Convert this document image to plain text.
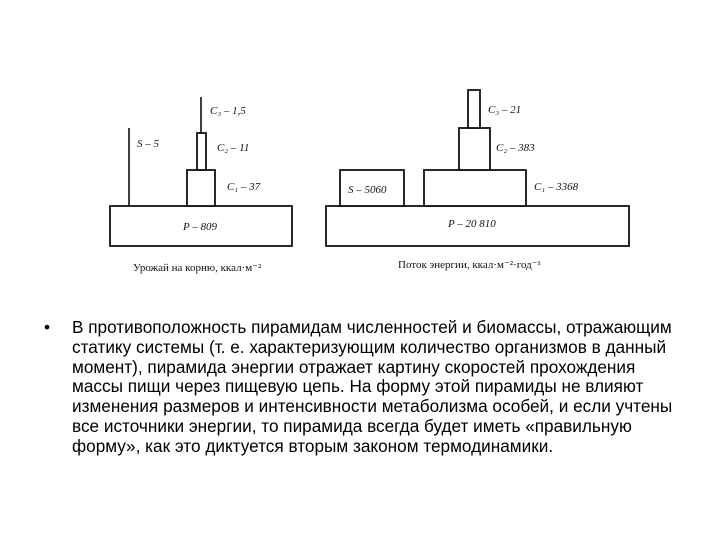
C₃ – 1,5
S – 5	C₂ – 11
C₁ – 37
P – 809
Урожай на корню, ккал·м⁻²
C₃ – 21
C₂ – 383
S – 5060	C₁ – 3368
P – 20 810
Поток энергии, ккал·м⁻²·год⁻¹
•	В противоположность пирамидам численностей и биомассы, отражающим статику системы (т. е. характеризующим количество организмов в данный момент), пирамида энергии отражает картину скоростей прохождения массы пищи через пищевую цепь. На форму этой пирамиды не влияют изменения размеров и интенсивности метаболизма особей, и если учтены все источники энергии, то пирамида всегда будет иметь «правильную форму», как это диктуется вторым законом термодинамики.
